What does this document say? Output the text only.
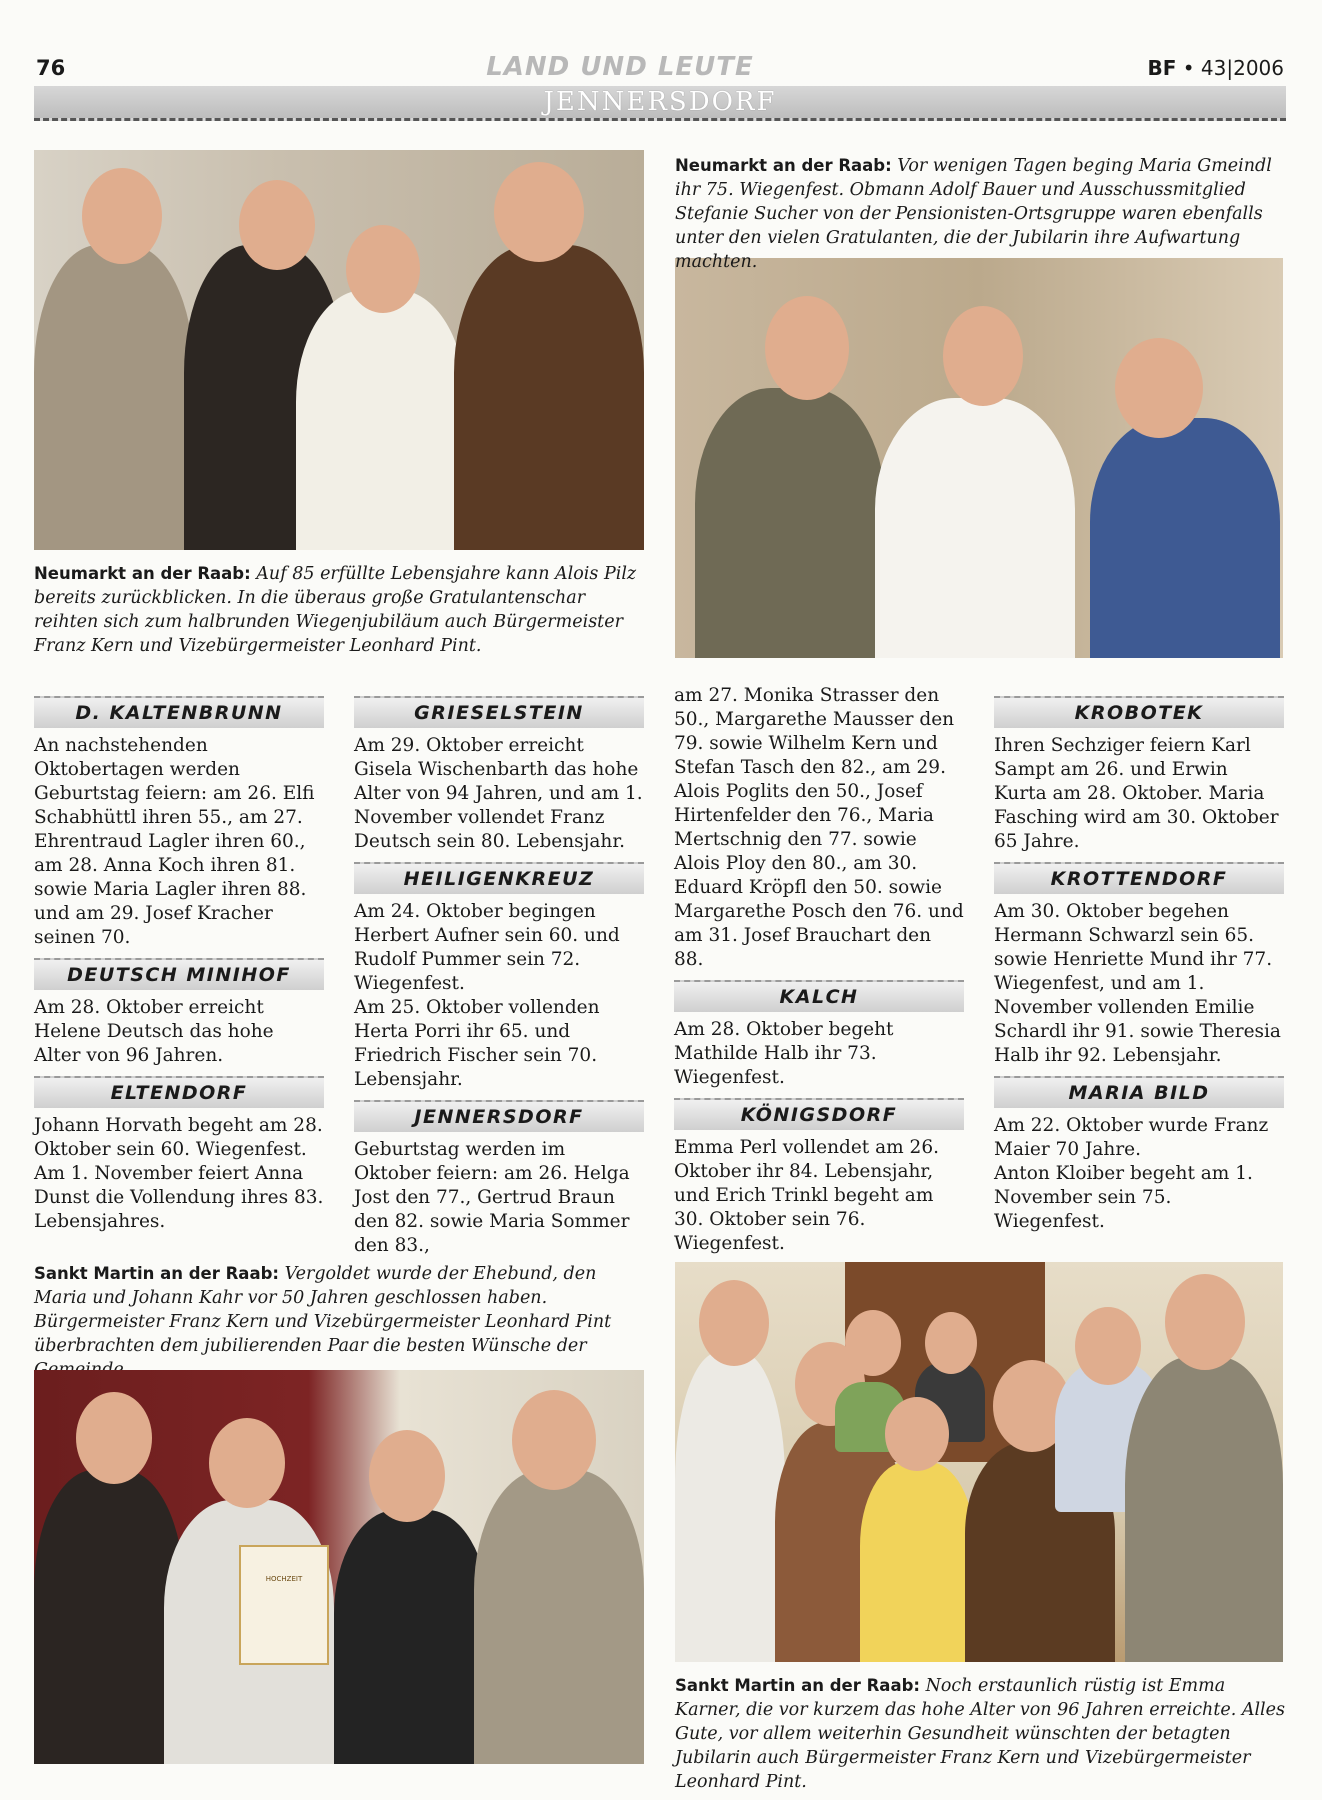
76	LAND UND LEUTE	BF • 43|2006
JENNERSDORF
Neumarkt an der Raab: Vor wenigen Tagen beging Maria Gmeindl ihr 75. Wiegenfest. Obmann Adolf Bauer und Ausschussmitglied Stefanie Sucher von der Pensionisten-Ortsgruppe waren ebenfalls unter den vielen Gratulanten, die der Jubilarin ihre Aufwartung machten.
Neumarkt an der Raab: Auf 85 erfüllte Lebensjahre kann Alois Pilz bereits zurückblicken. In die überaus große Gratulantenschar reihten sich zum halbrunden Wiegenjubiläum auch Bürgermeister Franz Kern und Vizebürgermeister Leonhard Pint.
D. KALTENBRUNN

An nachstehenden Oktobertagen werden Geburtstag feiern: am 26. Elfi Schabhüttl ihren 55., am 27. Ehrentraud Lagler ihren 60., am 28. Anna Koch ihren 81. sowie Maria Lagler ihren 88. und am 29. Josef Kracher seinen 70.

DEUTSCH MINIHOF

Am 28. Oktober erreicht Helene Deutsch das hohe Alter von 96 Jahren.

ELTENDORF

Johann Horvath begeht am 28. Oktober sein 60. Wiegenfest.

Am 1. November feiert Anna Dunst die Vollendung ihres 83. Lebensjahres.

GRIESELSTEIN

Am 29. Oktober erreicht Gisela Wischenbarth das hohe Alter von 94 Jahren, und am 1. November vollendet Franz Deutsch sein 80. Lebensjahr.

HEILIGENKREUZ

Am 24. Oktober begingen Herbert Aufner sein 60. und Rudolf Pummer sein 72. Wiegenfest.

Am 25. Oktober vollenden Herta Porri ihr 65. und Friedrich Fischer sein 70. Lebensjahr.

JENNERSDORF

Geburtstag werden im Oktober feiern: am 26. Helga Jost den 77., Gertrud Braun den 82. sowie Maria Sommer den 83.,

am 27. Monika Strasser den 50., Margarethe Mausser den 79. sowie Wilhelm Kern und Stefan Tasch den 82., am 29. Alois Poglits den 50., Josef Hirtenfelder den 76., Maria Mertschnig den 77. sowie Alois Ploy den 80., am 30. Eduard Kröpfl den 50. sowie Margarethe Posch den 76. und am 31. Josef Brauchart den 88.

KALCH

Am 28. Oktober begeht Mathilde Halb ihr 73. Wiegenfest.

KÖNIGSDORF

Emma Perl vollendet am 26. Oktober ihr 84. Lebensjahr, und Erich Trinkl begeht am 30. Oktober sein 76. Wiegenfest.

KROBOTEK

Ihren Sechziger feiern Karl Sampt am 26. und Erwin Kurta am 28. Oktober. Maria Fasching wird am 30. Oktober 65 Jahre.

KROTTENDORF

Am 30. Oktober begehen Hermann Schwarzl sein 65. sowie Henriette Mund ihr 77. Wiegenfest, und am 1. November vollenden Emilie Schardl ihr 91. sowie Theresia Halb ihr 92. Lebensjahr.

MARIA BILD

Am 22. Oktober wurde Franz Maier 70 Jahre.

Anton Kloiber begeht am 1. November sein 75. Wiegenfest.

Sankt Martin an der Raab: Vergoldet wurde der Ehebund, den Maria und Johann Kahr vor 50 Jahren geschlossen haben. Bürgermeister Franz Kern und Vizebürgermeister Leonhard Pint überbrachten dem jubilierenden Paar die besten Wünsche der
HOCHZEIT
Sankt Martin an der Raab: Noch erstaunlich rüstig ist Emma Karner, die vor kurzem das hohe Alter von 96 Jahren erreichte. Alles Gute, vor allem weiterhin Gesundheit wünschten der betagten Jubilarin auch Bürgermeister Franz Kern und Vizebürgermeister Leonhard Pint.
